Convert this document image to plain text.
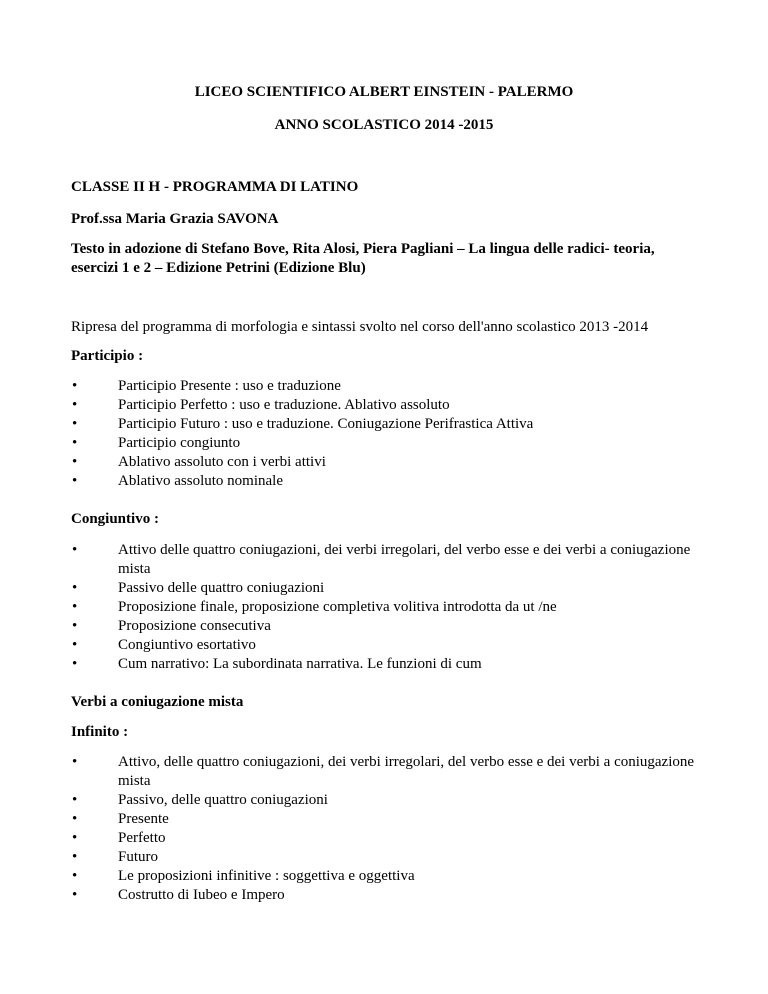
LICEO SCIENTIFICO ALBERT EINSTEIN - PALERMO
ANNO SCOLASTICO 2014 -2015
CLASSE II H - PROGRAMMA DI LATINO
Prof.ssa Maria Grazia SAVONA
Testo in adozione di Stefano Bove, Rita Alosi, Piera Pagliani – La lingua delle radici- teoria, esercizi 1 e 2 – Edizione Petrini (Edizione Blu)
Ripresa del programma di morfologia e sintassi svolto nel corso dell'anno scolastico 2013 -2014
Participio :
• Participio Presente : uso e traduzione
• Participio Perfetto : uso e traduzione. Ablativo assoluto
• Participio Futuro : uso e traduzione. Coniugazione Perifrastica Attiva
• Participio congiunto
• Ablativo assoluto con i verbi attivi
• Ablativo assoluto nominale
Congiuntivo :
• Attivo delle quattro coniugazioni, dei verbi irregolari, del verbo esse e dei verbi a coniugazione mista
• Passivo delle quattro coniugazioni
• Proposizione finale, proposizione completiva volitiva introdotta da ut /ne
• Proposizione consecutiva
• Congiuntivo esortativo
• Cum narrativo: La subordinata narrativa. Le funzioni di cum
Verbi a coniugazione mista
Infinito :
• Attivo, delle quattro coniugazioni, dei verbi irregolari, del verbo esse e dei verbi a coniugazione mista
• Passivo, delle quattro coniugazioni
• Presente
• Perfetto
• Futuro
• Le proposizioni infinitive : soggettiva e oggettiva
• Costrutto di Iubeo e Impero
